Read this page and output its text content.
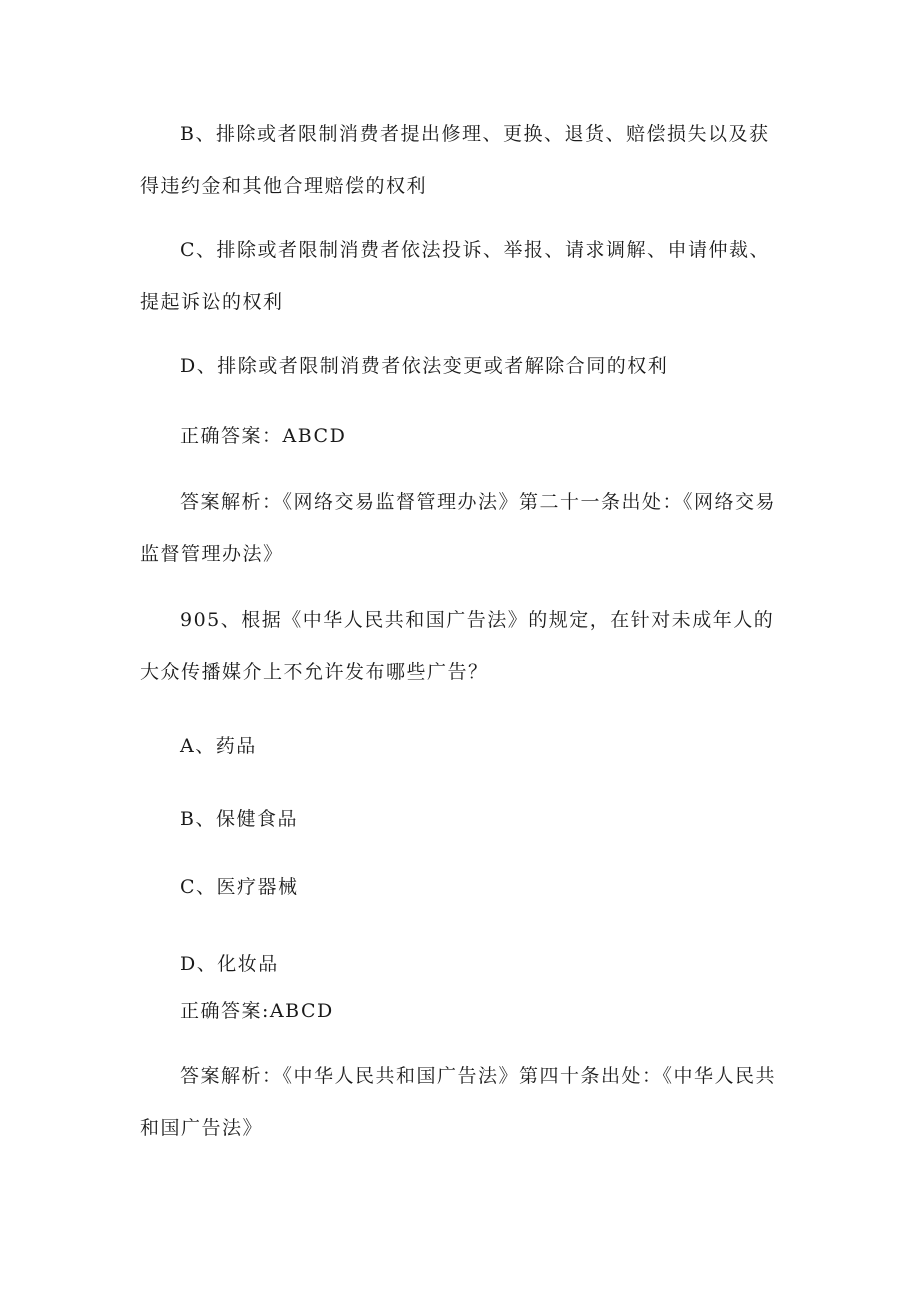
B、排除或者限制消费者提出修理、更换、退货、赔偿损失以及获得违约金和其他合理赔偿的权利

C、排除或者限制消费者依法投诉、举报、请求调解、申请仲裁、提起诉讼的权利

D、排除或者限制消费者依法变更或者解除合同的权利

正确答案：ABCD

答案解析：《网络交易监督管理办法》第二十一条出处：《网络交易监督管理办法》

905、根据《中华人民共和国广告法》的规定，在针对未成年人的大众传播媒介上不允许发布哪些广告？

A、药品

B、保健食品

C、医疗器械

D、化妆品

正确答案:ABCD

答案解析：《中华人民共和国广告法》第四十条出处：《中华人民共和国广告法》
